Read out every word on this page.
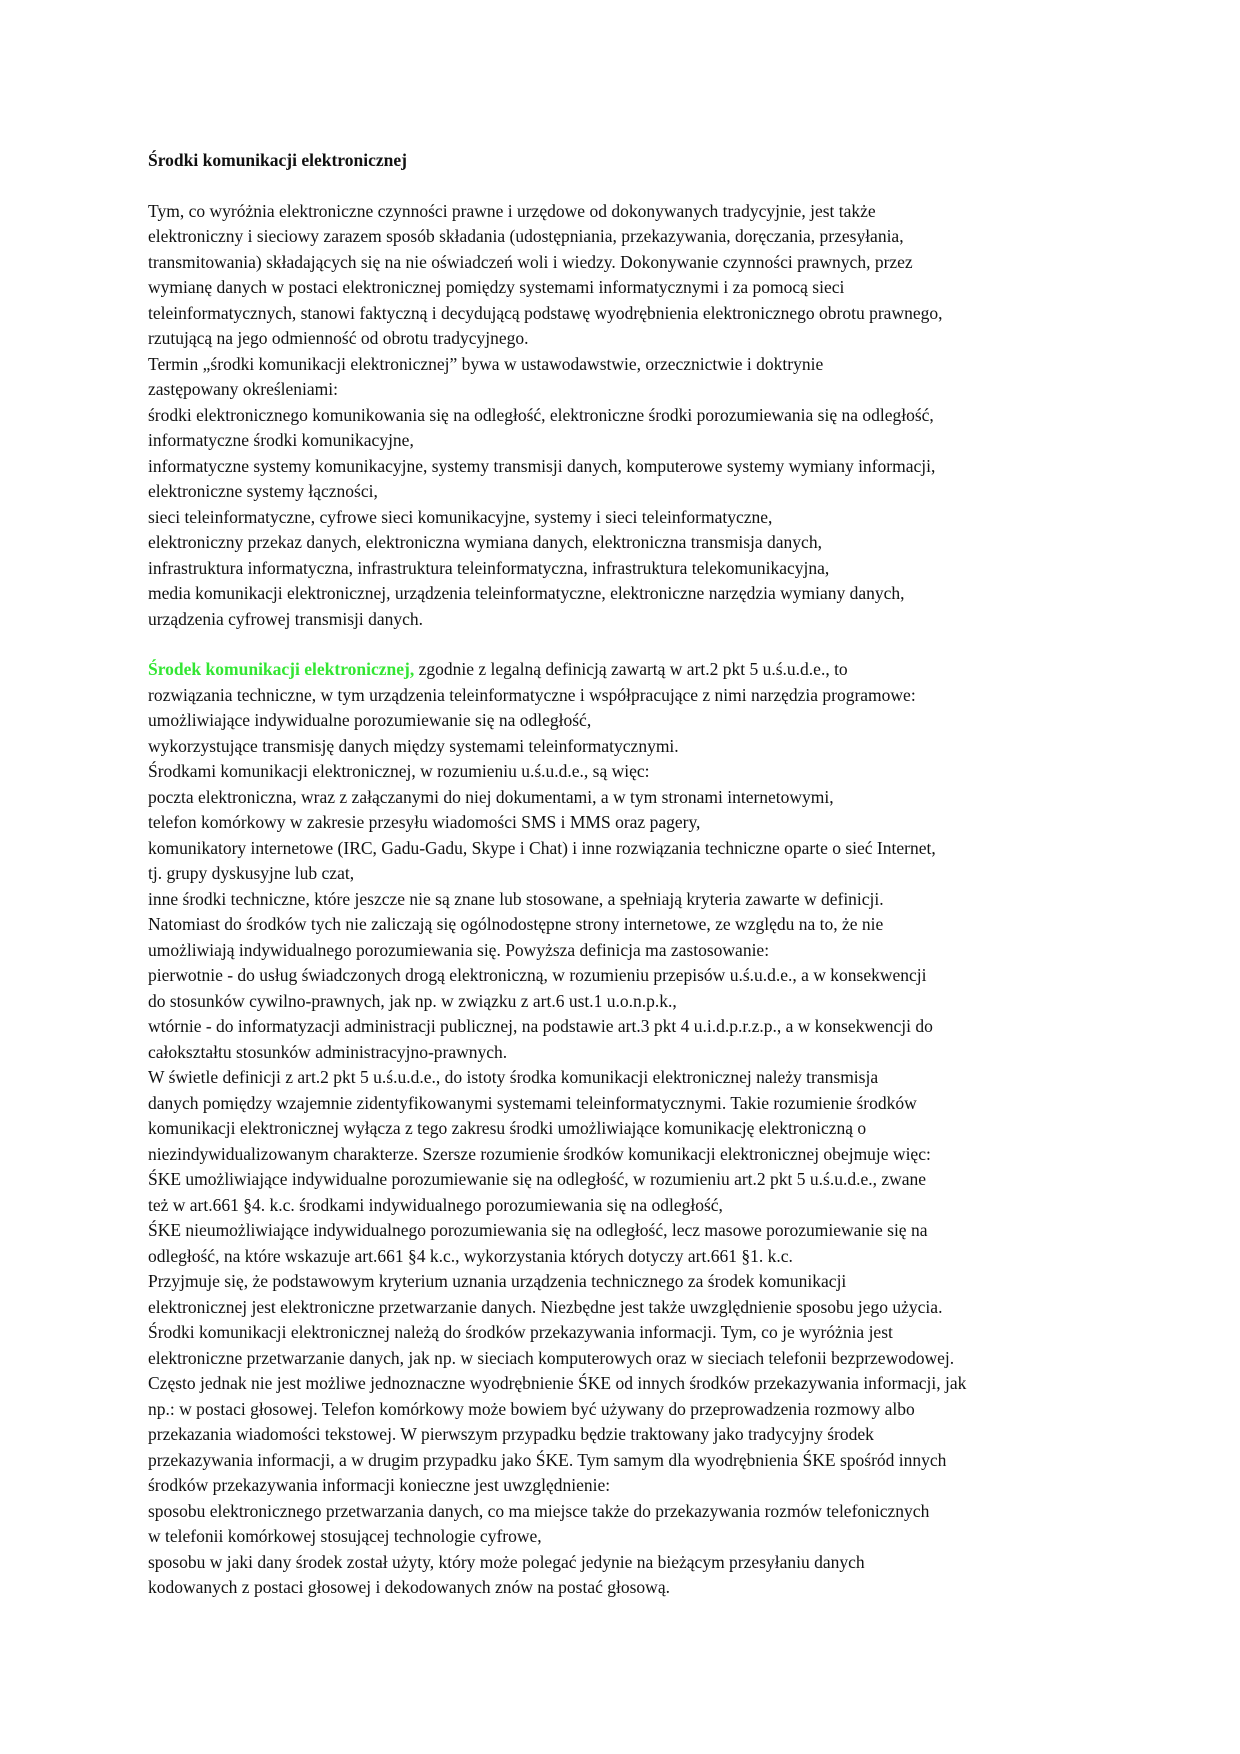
Środki komunikacji elektronicznej
Tym, co wyróżnia elektroniczne czynności prawne i urzędowe od dokonywanych tradycyjnie, jest także
elektroniczny i sieciowy zarazem sposób składania (udostępniania, przekazywania, doręczania, przesyłania,
transmitowania) składających się na nie oświadczeń woli i wiedzy. Dokonywanie czynności prawnych, przez
wymianę danych w postaci elektronicznej pomiędzy systemami informatycznymi i za pomocą sieci
teleinformatycznych, stanowi faktyczną i decydującą podstawę wyodrębnienia elektronicznego obrotu prawnego,
rzutującą na jego odmienność od obrotu tradycyjnego.
Termin „środki komunikacji elektronicznej” bywa w ustawodawstwie, orzecznictwie i doktrynie
zastępowany określeniami:
środki elektronicznego komunikowania się na odległość, elektroniczne środki porozumiewania się na odległość,
informatyczne środki komunikacyjne,
informatyczne systemy komunikacyjne, systemy transmisji danych, komputerowe systemy wymiany informacji,
elektroniczne systemy łączności,
sieci teleinformatyczne, cyfrowe sieci komunikacyjne, systemy i sieci teleinformatyczne,
elektroniczny przekaz danych, elektroniczna wymiana danych, elektroniczna transmisja danych,
infrastruktura informatyczna, infrastruktura teleinformatyczna, infrastruktura telekomunikacyjna,
media komunikacji elektronicznej, urządzenia teleinformatyczne, elektroniczne narzędzia wymiany danych,
urządzenia cyfrowej transmisji danych.
Środek komunikacji elektronicznej, zgodnie z legalną definicją zawartą w art.2 pkt 5 u.ś.u.d.e., to
rozwiązania techniczne, w tym urządzenia teleinformatyczne i współpracujące z nimi narzędzia programowe:
umożliwiające indywidualne porozumiewanie się na odległość,
wykorzystujące transmisję danych między systemami teleinformatycznymi.
Środkami komunikacji elektronicznej, w rozumieniu u.ś.u.d.e., są więc:
poczta elektroniczna, wraz z załączanymi do niej dokumentami, a w tym stronami internetowymi,
telefon komórkowy w zakresie przesyłu wiadomości SMS i MMS oraz pagery,
komunikatory internetowe (IRC, Gadu-Gadu, Skype i Chat) i inne rozwiązania techniczne oparte o sieć Internet,
tj. grupy dyskusyjne lub czat,
inne środki techniczne, które jeszcze nie są znane lub stosowane, a spełniają kryteria zawarte w definicji.
Natomiast do środków tych nie zaliczają się ogólnodostępne strony internetowe, ze względu na to, że nie
umożliwiają indywidualnego porozumiewania się. Powyższa definicja ma zastosowanie:
pierwotnie - do usług świadczonych drogą elektroniczną, w rozumieniu przepisów u.ś.u.d.e., a w konsekwencji
do stosunków cywilno-prawnych, jak np. w związku z art.6 ust.1 u.o.n.p.k.,
wtórnie - do informatyzacji administracji publicznej, na podstawie art.3 pkt 4 u.i.d.p.r.z.p., a w konsekwencji do
całokształtu stosunków administracyjno-prawnych.
W świetle definicji z art.2 pkt 5 u.ś.u.d.e., do istoty środka komunikacji elektronicznej należy transmisja
danych pomiędzy wzajemnie zidentyfikowanymi systemami teleinformatycznymi. Takie rozumienie środków
komunikacji elektronicznej wyłącza z tego zakresu środki umożliwiające komunikację elektroniczną o
niezindywidualizowanym charakterze. Szersze rozumienie środków komunikacji elektronicznej obejmuje więc:
ŚKE umożliwiające indywidualne porozumiewanie się na odległość, w rozumieniu art.2 pkt 5 u.ś.u.d.e., zwane
też w art.661 §4. k.c. środkami indywidualnego porozumiewania się na odległość,
ŚKE nieumożliwiające indywidualnego porozumiewania się na odległość, lecz masowe porozumiewanie się na
odległość, na które wskazuje art.661 §4 k.c., wykorzystania których dotyczy art.661 §1. k.c.
Przyjmuje się, że podstawowym kryterium uznania urządzenia technicznego za środek komunikacji
elektronicznej jest elektroniczne przetwarzanie danych. Niezbędne jest także uwzględnienie sposobu jego użycia.
Środki komunikacji elektronicznej należą do środków przekazywania informacji. Tym, co je wyróżnia jest
elektroniczne przetwarzanie danych, jak np. w sieciach komputerowych oraz w sieciach telefonii bezprzewodowej.
Często jednak nie jest możliwe jednoznaczne wyodrębnienie ŚKE od innych środków przekazywania informacji, jak
np.: w postaci głosowej. Telefon komórkowy może bowiem być używany do przeprowadzenia rozmowy albo
przekazania wiadomości tekstowej. W pierwszym przypadku będzie traktowany jako tradycyjny środek
przekazywania informacji, a w drugim przypadku jako ŚKE. Tym samym dla wyodrębnienia ŚKE spośród innych
środków przekazywania informacji konieczne jest uwzględnienie:
sposobu elektronicznego przetwarzania danych, co ma miejsce także do przekazywania rozmów telefonicznych
w telefonii komórkowej stosującej technologie cyfrowe,
sposobu w jaki dany środek został użyty, który może polegać jedynie na bieżącym przesyłaniu danych
kodowanych z postaci głosowej i dekodowanych znów na postać głosową.
